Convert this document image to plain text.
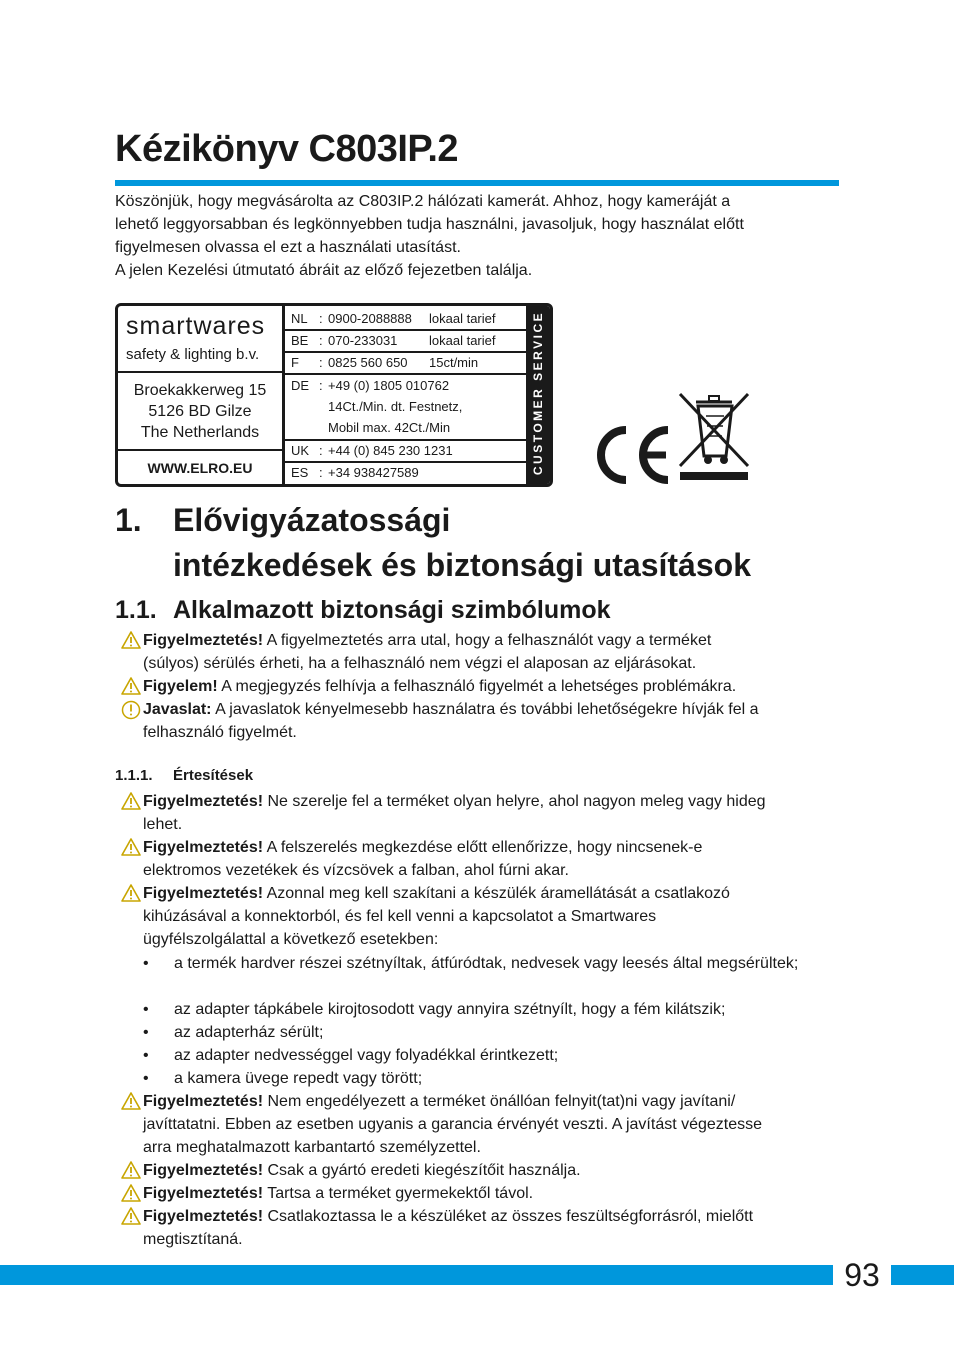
Kézikönyv C803IP.2

Köszönjük, hogy megvásárolta az C803IP.2 hálózati kamerát. Ahhoz, hogy kameráját a

lehető leggyorsabban és legkönnyebben tudja használni, javasoljuk, hogy használat előtt

figyelmesen olvassa el ezt a használati utasítást.

A jelen Kezelési útmutató ábráit az előző fejezetben találja.

smartwares
safety & lighting b.v.
Broekakkerweg 15
5126 BD Gilze
The Netherlands
WWW.ELRO.EU
NL : 0900-2088888 lokaal tarief
BE : 070-233031 lokaal tarief
F : 0825 560 650 15ct/min
DE : +49 (0) 1805 010762
14Ct./Min. dt. Festnetz,
Mobil max. 42Ct./Min
UK : +44 (0) 845 230 1231
ES : +34 938427589	CUSTOMER SERVICE
1. Elővigyázatossági
intézkedések és biztonsági utasítások
1.1. Alkalmazott biztonsági szimbólumok
Figyelmeztetés! A figyelmeztetés arra utal, hogy a felhasználót vagy a terméket
(súlyos) sérülés érheti, ha a felhasználó nem végzi el alaposan az eljárásokat.
Figyelem! A megjegyzés felhívja a felhasználó figyelmét a lehetséges problémákra.
Javaslat: A javaslatok kényelmesebb használatra és további lehetőségekre hívják fel a
felhasználó figyelmét.
1.1.1. Értesítések
Figyelmeztetés! Ne szerelje fel a terméket olyan helyre, ahol nagyon meleg vagy hideg
lehet.
Figyelmeztetés! A felszerelés megkezdése előtt ellenőrizze, hogy nincsenek-e
elektromos vezetékek és vízcsövek a falban, ahol fúrni akar.
Figyelmeztetés! Azonnal meg kell szakítani a készülék áramellátását a csatlakozó
kihúzásával a konnektorból, és fel kell venni a kapcsolatot a Smartwares
ügyfélszolgálattal a következő esetekben:
• a termék hardver részei szétnyíltak, átfúródtak, nedvesek vagy leesés által megsérültek;
• az adapter tápkábele kirojtosodott vagy annyira szétnyílt, hogy a fém kilátszik;
• az adapterház sérült;
• az adapter nedvességgel vagy folyadékkal érintkezett;
• a kamera üvege repedt vagy törött;
Figyelmeztetés! Nem engedélyezett a terméket önállóan felnyit(tat)ni vagy javítani/
javíttatatni. Ebben az esetben ugyanis a garancia érvényét veszti. A javítást végeztesse
arra meghatalmazott karbantartó személyzettel.
Figyelmeztetés! Csak a gyártó eredeti kiegészítőit használja.
Figyelmeztetés! Tartsa a terméket gyermekektől távol.
Figyelmeztetés! Csatlakoztassa le a készüléket az összes feszültségforrásról, mielőtt
megtisztítaná.
93
